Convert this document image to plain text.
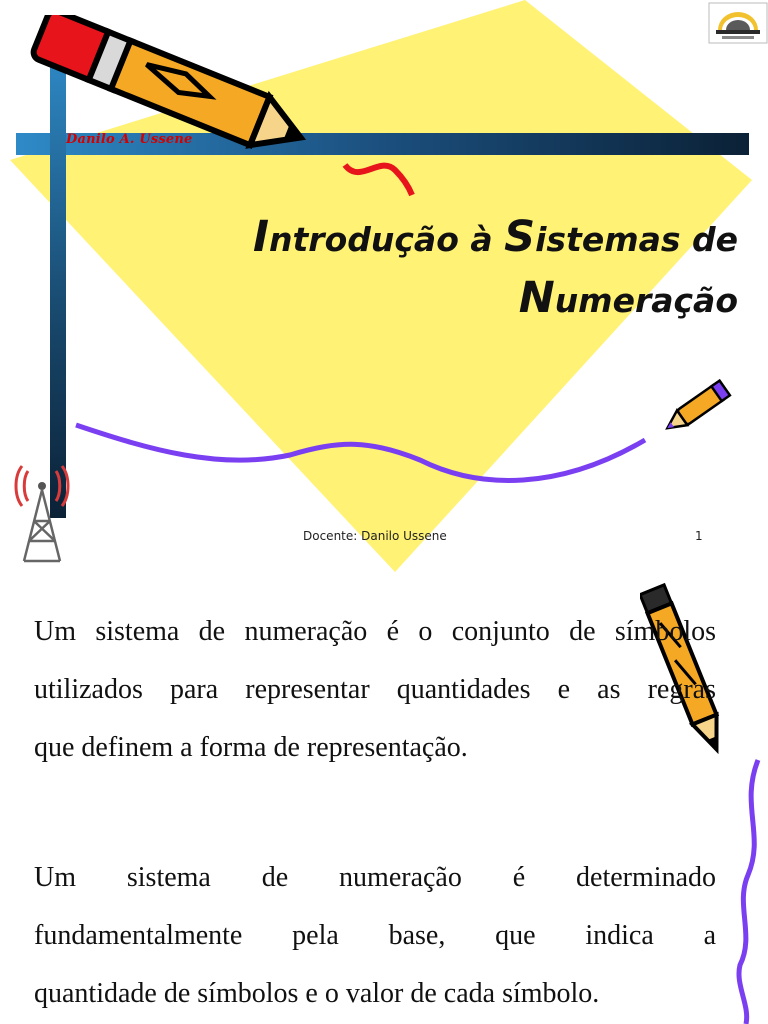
Danilo A. Ussene
Introdução à Sistemas de
Numeração
Docente: Danilo Ussene	1
Um sistema de numeração é o conjunto de símbolos
utilizados para representar quantidades e as regras
que definem a forma de representação.
Um sistema de numeração é determinado
fundamentalmente pela base, que indica a
quantidade de símbolos e o valor de cada símbolo.
